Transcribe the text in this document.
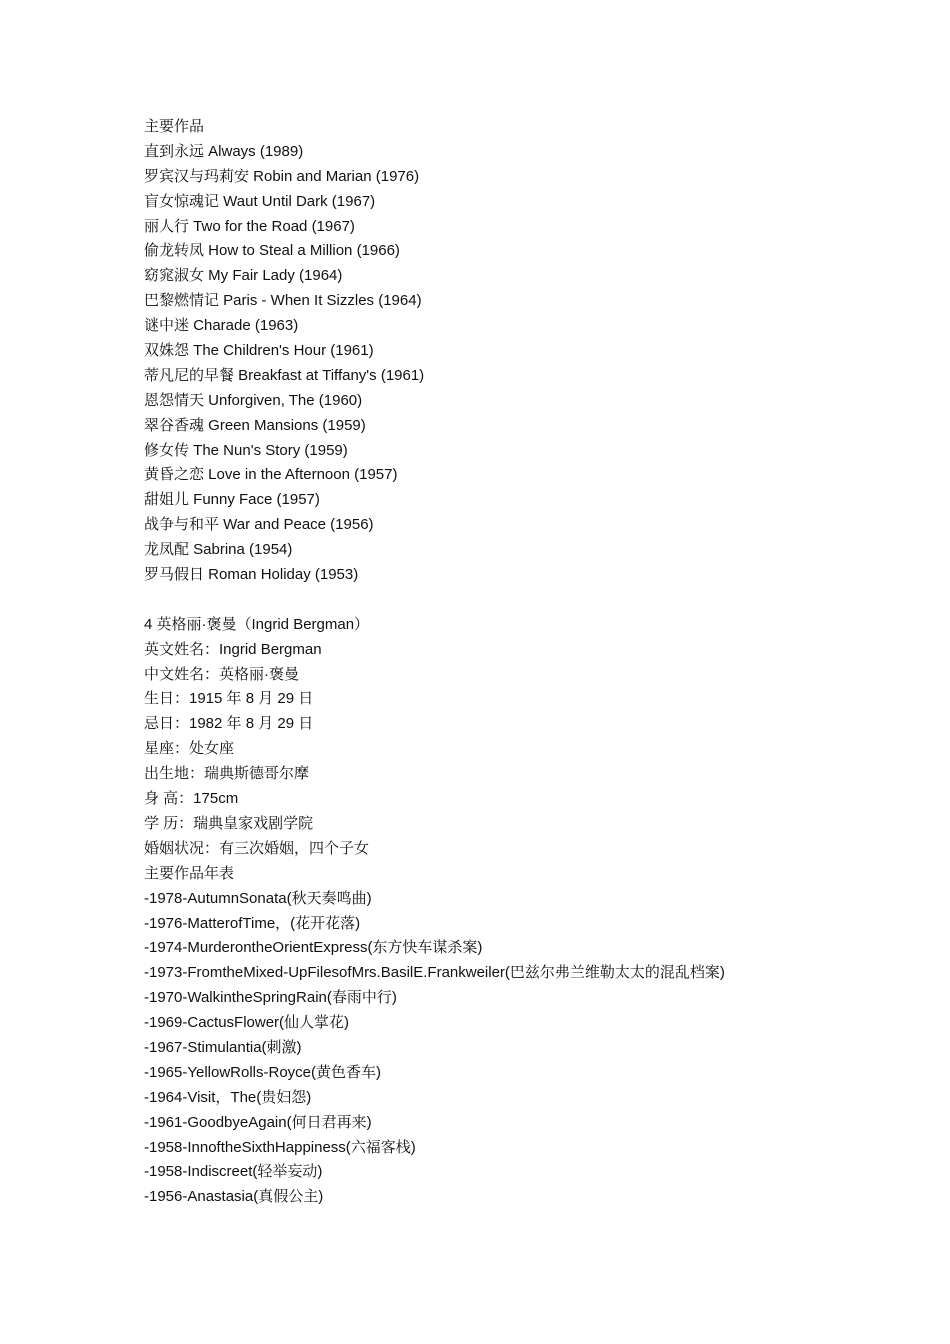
主要作品
直到永远 Always (1989)
罗宾汉与玛莉安 Robin and Marian (1976)
盲女惊魂记 Waut Until Dark (1967)
丽人行 Two for the Road (1967)
偷龙转凤 How to Steal a Million (1966)
窈窕淑女 My Fair Lady (1964)
巴黎燃情记 Paris - When It Sizzles (1964)
谜中迷 Charade (1963)
双姝怨 The Children's Hour (1961)
蒂凡尼的早餐 Breakfast at Tiffany's (1961)
恩怨情天 Unforgiven, The (1960)
翠谷香魂 Green Mansions (1959)
修女传 The Nun's Story (1959)
黄昏之恋 Love in the Afternoon (1957)
甜姐儿 Funny Face (1957)
战争与和平 War and Peace (1956)
龙凤配 Sabrina (1954)
罗马假日 Roman Holiday (1953)
4 英格丽·褒曼（Ingrid Bergman）
英文姓名：Ingrid Bergman
中文姓名：英格丽·褒曼
生日：1915 年 8 月 29 日
忌日：1982 年 8 月 29 日
星座：处女座
出生地：瑞典斯德哥尔摩
身 高：175cm
学 历：瑞典皇家戏剧学院
婚姻状况：有三次婚姻，四个子女
主要作品年表
-1978-AutumnSonata(秋天奏鸣曲)
-1976-MatterofTime，(花开花落)
-1974-MurderontheOrientExpress(东方快车谋杀案)
-1973-FromtheMixed-UpFilesofMrs.BasilE.Frankweiler(巴兹尔弗兰维勒太太的混乱档案)
-1970-WalkintheSpringRain(春雨中行)
-1969-CactusFlower(仙人掌花)
-1967-Stimulantia(刺激)
-1965-YellowRolls-Royce(黄色香车)
-1964-Visit，The(贵妇怨)
-1961-GoodbyeAgain(何日君再来)
-1958-InnoftheSixthHappiness(六福客栈)
-1958-Indiscreet(轻举妄动)
-1956-Anastasia(真假公主)
